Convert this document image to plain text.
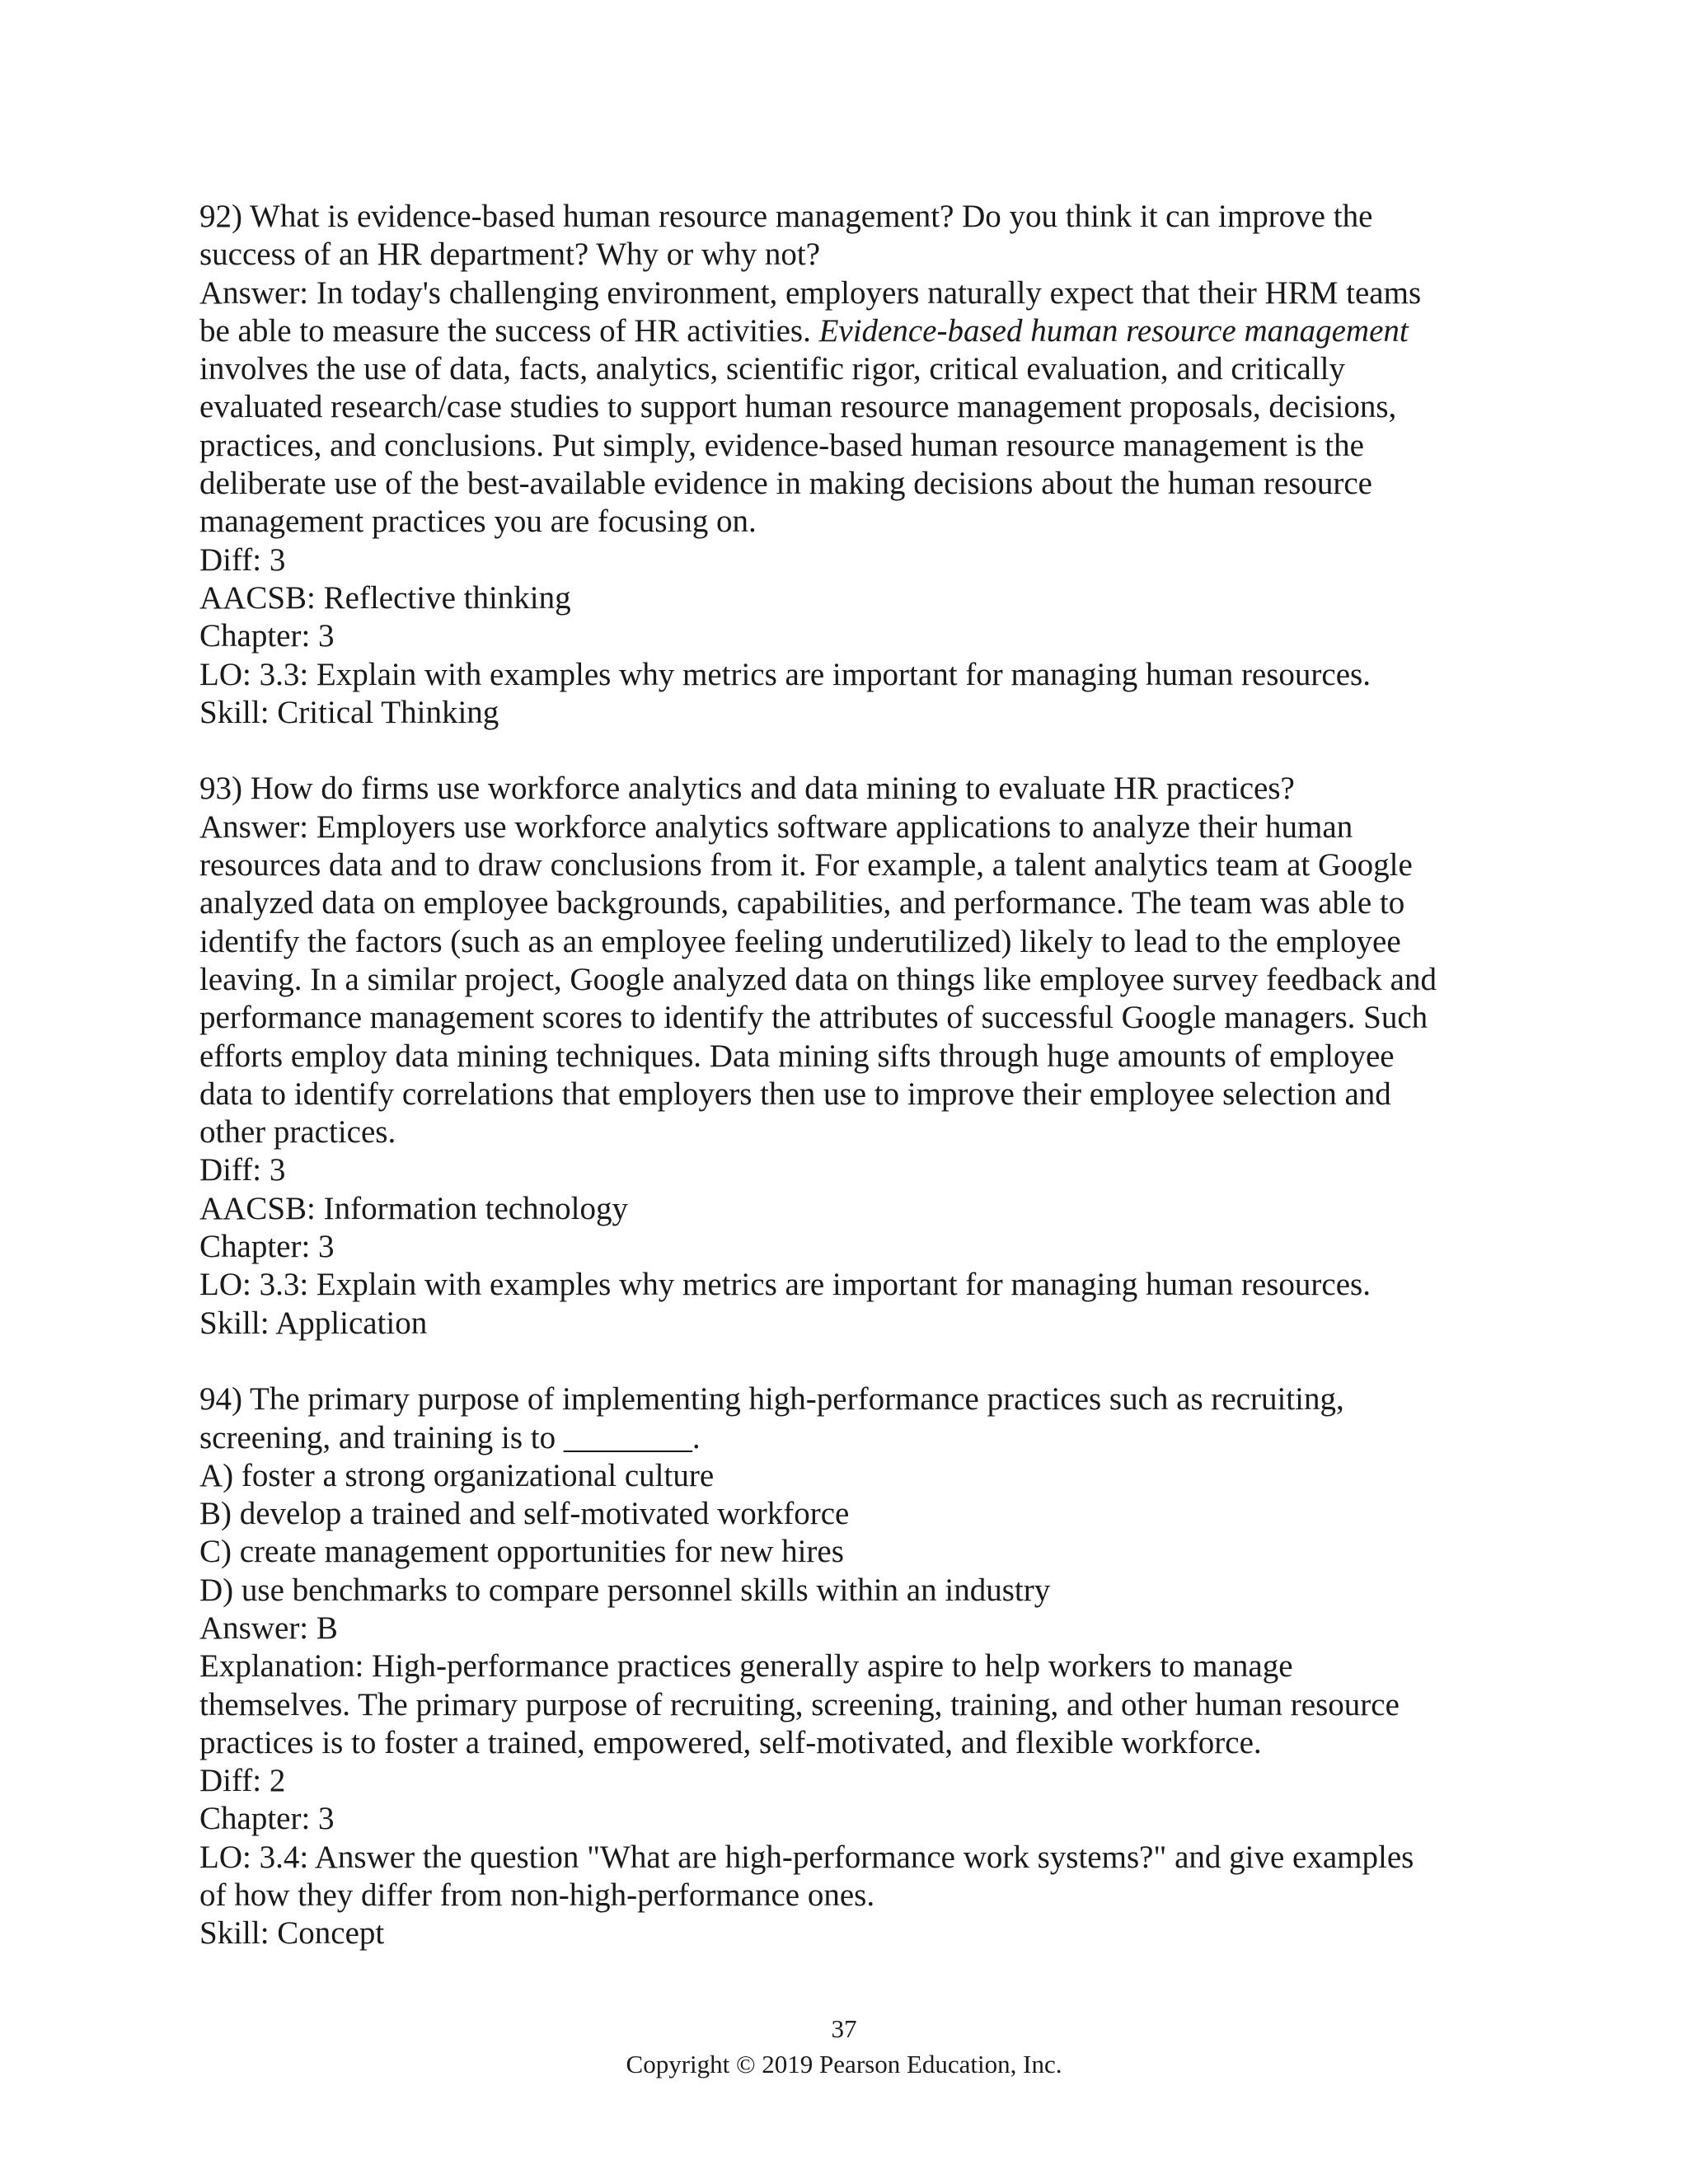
92) What is evidence-based human resource management? Do you think it can improve the
success of an HR department? Why or why not?
Answer: In today's challenging environment, employers naturally expect that their HRM teams
be able to measure the success of HR activities. Evidence-based human resource management
involves the use of data, facts, analytics, scientific rigor, critical evaluation, and critically
evaluated research/case studies to support human resource management proposals, decisions,
practices, and conclusions. Put simply, evidence-based human resource management is the
deliberate use of the best-available evidence in making decisions about the human resource
management practices you are focusing on.
Diff: 3
AACSB: Reflective thinking
Chapter: 3
LO: 3.3: Explain with examples why metrics are important for managing human resources.
Skill: Critical Thinking
93) How do firms use workforce analytics and data mining to evaluate HR practices?
Answer: Employers use workforce analytics software applications to analyze their human
resources data and to draw conclusions from it. For example, a talent analytics team at Google
analyzed data on employee backgrounds, capabilities, and performance. The team was able to
identify the factors (such as an employee feeling underutilized) likely to lead to the employee
leaving. In a similar project, Google analyzed data on things like employee survey feedback and
performance management scores to identify the attributes of successful Google managers. Such
efforts employ data mining techniques. Data mining sifts through huge amounts of employee
data to identify correlations that employers then use to improve their employee selection and
other practices.
Diff: 3
AACSB: Information technology
Chapter: 3
LO: 3.3: Explain with examples why metrics are important for managing human resources.
Skill: Application
94) The primary purpose of implementing high-performance practices such as recruiting,
screening, and training is to ________.
A) foster a strong organizational culture
B) develop a trained and self-motivated workforce
C) create management opportunities for new hires
D) use benchmarks to compare personnel skills within an industry
Answer: B
Explanation: High-performance practices generally aspire to help workers to manage
themselves. The primary purpose of recruiting, screening, training, and other human resource
practices is to foster a trained, empowered, self-motivated, and flexible workforce.
Diff: 2
Chapter: 3
LO: 3.4: Answer the question "What are high-performance work systems?" and give examples
of how they differ from non-high-performance ones.
Skill: Concept
37
Copyright © 2019 Pearson Education, Inc.
